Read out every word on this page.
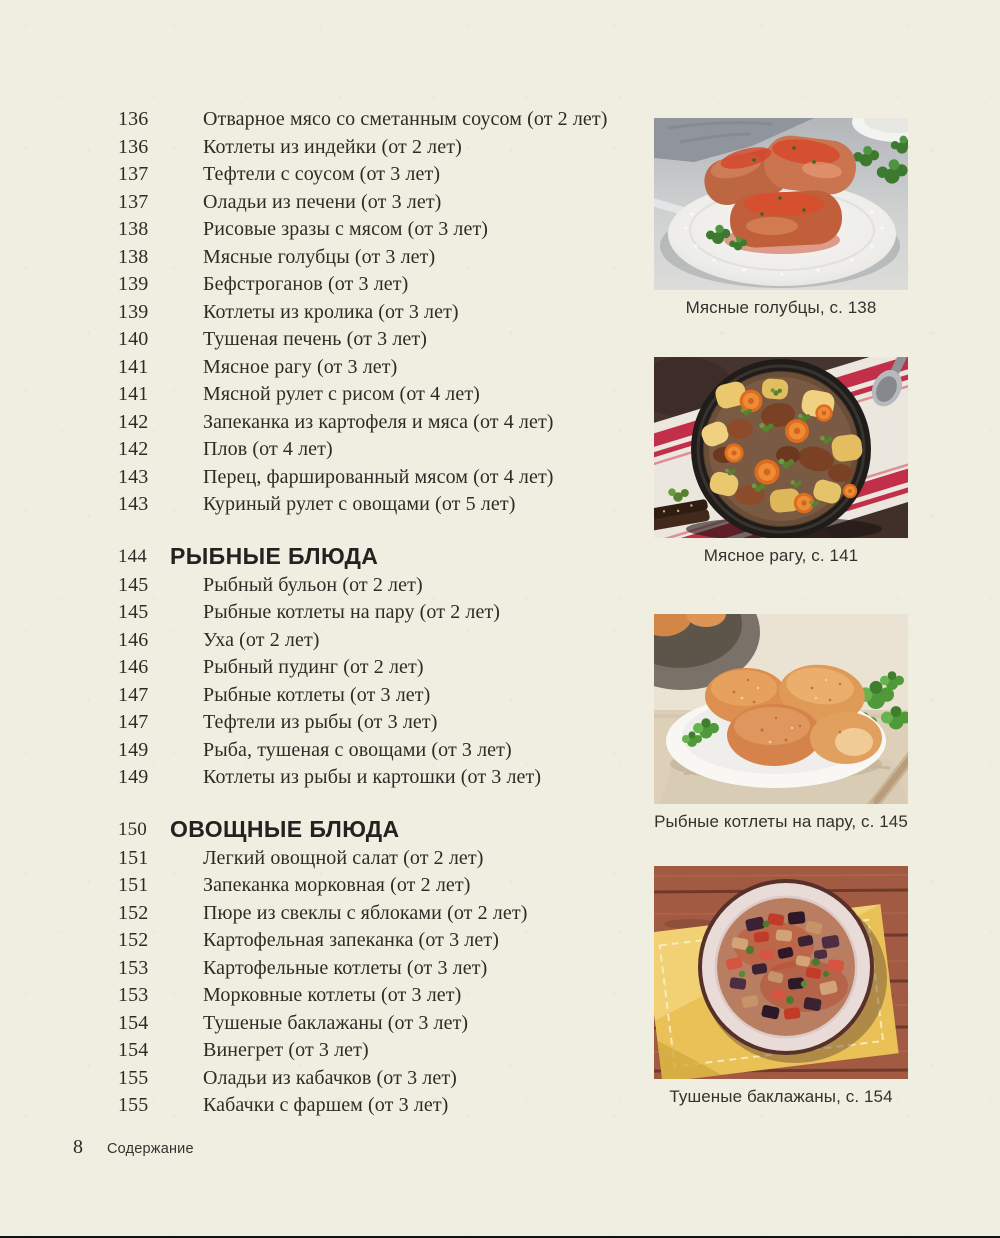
136	Отварное мясо со сметанным соусом (от 2 лет)
136	Котлеты из индейки (от 2 лет)
137	Тефтели с соусом (от 3 лет)
137	Оладьи из печени (от 3 лет)
138	Рисовые зразы с мясом (от 3 лет)
138	Мясные голубцы (от 3 лет)
139	Бефстроганов (от 3 лет)
139	Котлеты из кролика (от 3 лет)
140	Тушеная печень (от 3 лет)
141	Мясное рагу (от 3 лет)
141	Мясной рулет с рисом (от 4 лет)
142	Запеканка из картофеля и мяса (от 4 лет)
142	Плов (от 4 лет)
143	Перец, фаршированный мясом (от 4 лет)
143	Куриный рулет с овощами (от 5 лет)
144	РЫБНЫЕ БЛЮДА
145	Рыбный бульон (от 2 лет)
145	Рыбные котлеты на пару (от 2 лет)
146	Уха (от 2 лет)
146	Рыбный пудинг (от 2 лет)
147	Рыбные котлеты (от 3 лет)
147	Тефтели из рыбы (от 3 лет)
149	Рыба, тушеная с овощами (от 3 лет)
149	Котлеты из рыбы и картошки (от 3 лет)
150	ОВОЩНЫЕ БЛЮДА
151	Легкий овощной салат (от 2 лет)
151	Запеканка морковная (от 2 лет)
152	Пюре из свеклы с яблоками (от 2 лет)
152	Картофельная запеканка (от 3 лет)
153	Картофельные котлеты (от 3 лет)
153	Морковные котлеты (от 3 лет)
154	Тушеные баклажаны (от 3 лет)
154	Винегрет (от 3 лет)
155	Оладьи из кабачков (от 3 лет)
155	Кабачки с фаршем (от 3 лет)
Мясные голубцы, с. 138
Мясное рагу, с. 141
Рыбные котлеты на пару, с. 145
Тушеные баклажаны, с. 154
8 Содержание
